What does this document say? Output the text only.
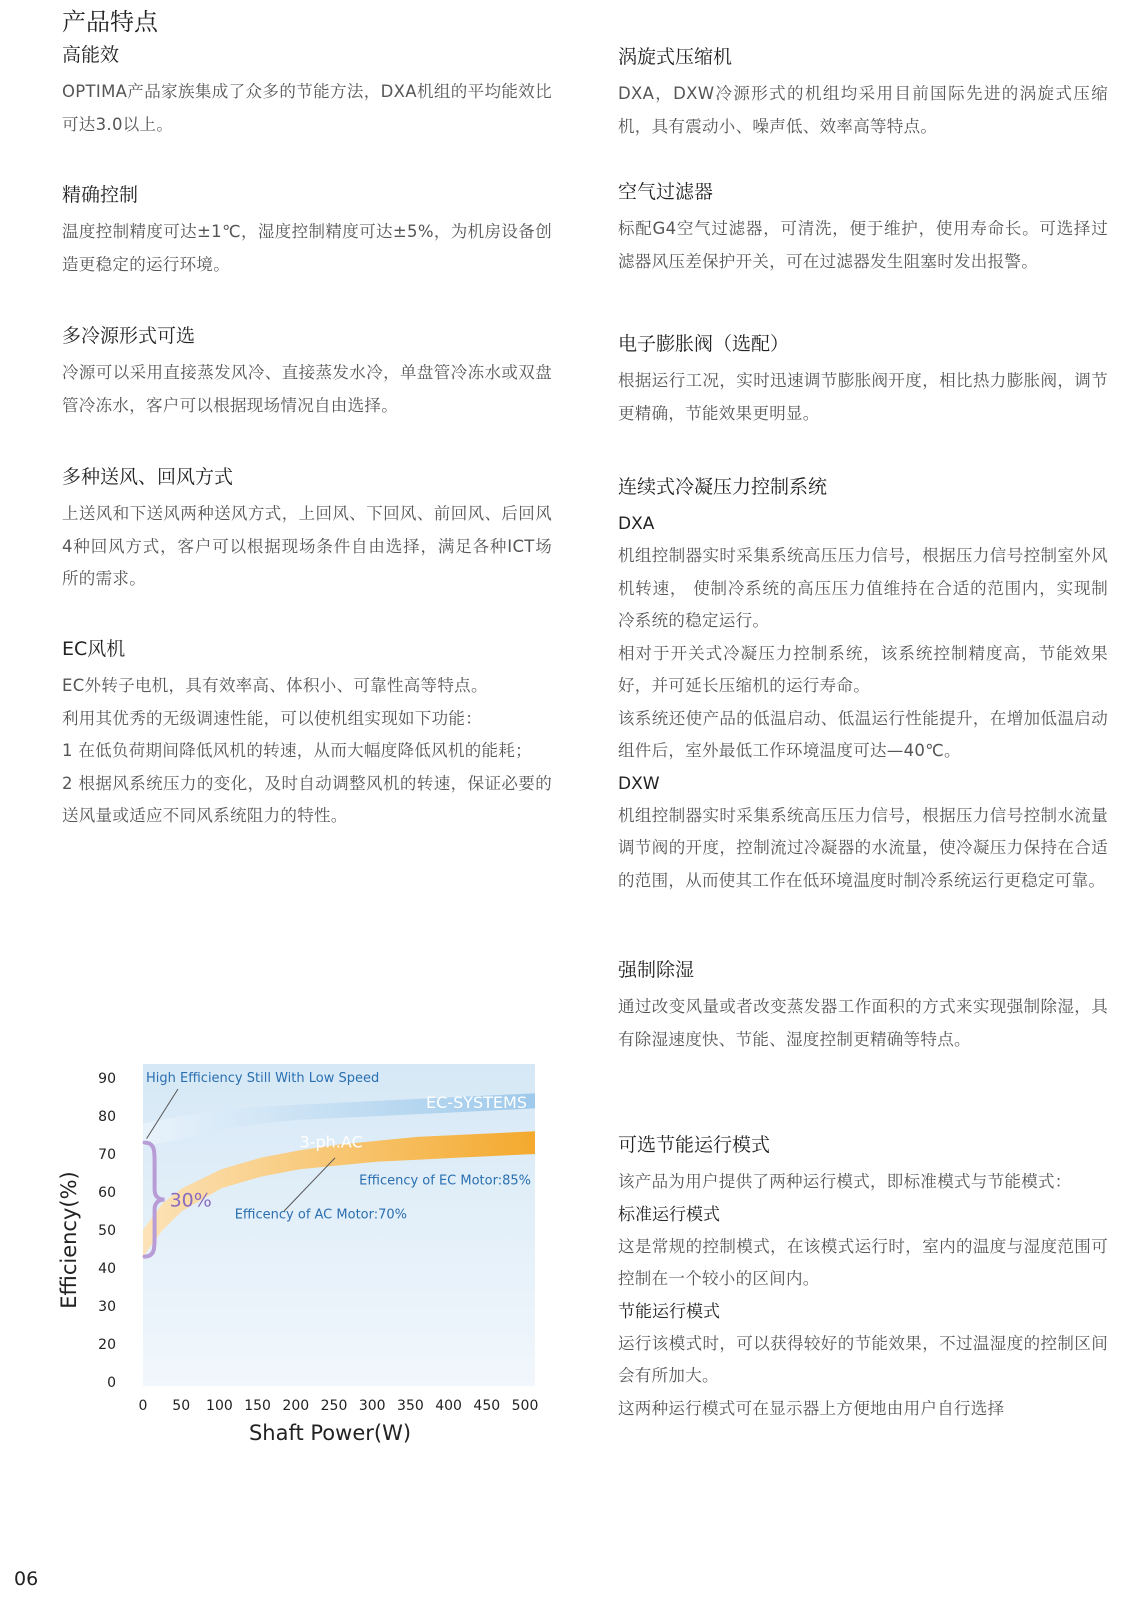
产品特点
高能效

OPTIMA产品家族集成了众多的节能方法，DXA机组的平均能效比可达3.0以上。

精确控制

温度控制精度可达±1℃，湿度控制精度可达±5%，为机房设备创造更稳定的运行环境。

多冷源形式可选

冷源可以采用直接蒸发风冷、直接蒸发水冷，单盘管冷冻水或双盘管冷冻水，客户可以根据现场情况自由选择。

多种送风、回风方式

上送风和下送风两种送风方式，上回风、下回风、前回风、后回风4种回风方式，客户可以根据现场条件自由选择，满足各种ICT场所的需求。

EC风机

EC外转子电机，具有效率高、体积小、可靠性高等特点。

利用其优秀的无级调速性能，可以使机组实现如下功能：

1 在低负荷期间降低风机的转速，从而大幅度降低风机的能耗；

2 根据风系统压力的变化，及时自动调整风机的转速，保证必要的送风量或适应不同风系统阻力的特性。

涡旋式压缩机

DXA，DXW冷源形式的机组均采用目前国际先进的涡旋式压缩机，具有震动小、噪声低、效率高等特点。

空气过滤器

标配G4空气过滤器，可清洗，便于维护，使用寿命长。可选择过滤器风压差保护开关，可在过滤器发生阻塞时发出报警。

电子膨胀阀（选配）

根据运行工况，实时迅速调节膨胀阀开度，相比热力膨胀阀，调节更精确，节能效果更明显。

连续式冷凝压力控制系统
DXA

机组控制器实时采集系统高压压力信号，根据压力信号控制室外风机转速， 使制冷系统的高压压力值维持在合适的范围内，实现制冷系统的稳定运行。

相对于开关式冷凝压力控制系统，该系统控制精度高，节能效果好，并可延长压缩机的运行寿命。

该系统还使产品的低温启动、低温运行性能提升，在增加低温启动组件后，室外最低工作环境温度可达—40℃。

DXW

机组控制器实时采集系统高压压力信号，根据压力信号控制水流量调节阀的开度，控制流过冷凝器的水流量，使冷凝压力保持在合适的范围，从而使其工作在低环境温度时制冷系统运行更稳定可靠。

强制除湿

通过改变风量或者改变蒸发器工作面积的方式来实现强制除湿，具有除湿速度快、节能、湿度控制更精确等特点。

可选节能运行模式

该产品为用户提供了两种运行模式，即标准模式与节能模式：

标准运行模式

这是常规的控制模式，在该模式运行时，室内的温度与湿度范围可控制在一个较小的区间内。

节能运行模式

运行该模式时，可以获得较好的节能效果，不过温湿度的控制区间会有所加大。

这两种运行模式可在显示器上方便地由用户自行选择

EC-SYSTEMS
3-ph.AC
High Efficiency Still With Low Speed
Efficency of EC Motor:85%
Efficency of AC Motor:70%
30%
0
20
30
40
50
60
70
80
90
0 50 100 150 200 250 300 350 400 450 500
Shaft Power(W)
Efficiency(%)
06
